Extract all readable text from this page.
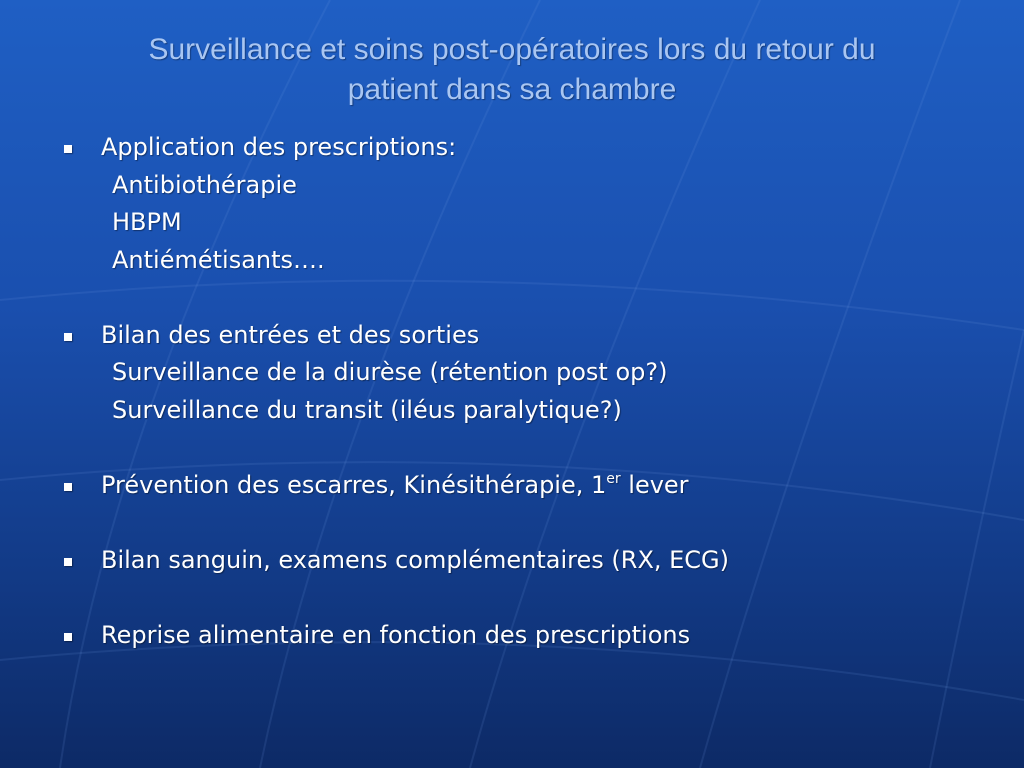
Surveillance et soins post-opératoires lors du retour du
patient dans sa chambre
Application des prescriptions:
Antibiothérapie
HBPM
Antiémétisants….
Bilan des entrées et des sorties
Surveillance de la diurèse (rétention post op?)
Surveillance du transit (iléus paralytique?)
Prévention des escarres, Kinésithérapie, 1er lever
Bilan sanguin, examens complémentaires (RX, ECG)
Reprise alimentaire en fonction des prescriptions
